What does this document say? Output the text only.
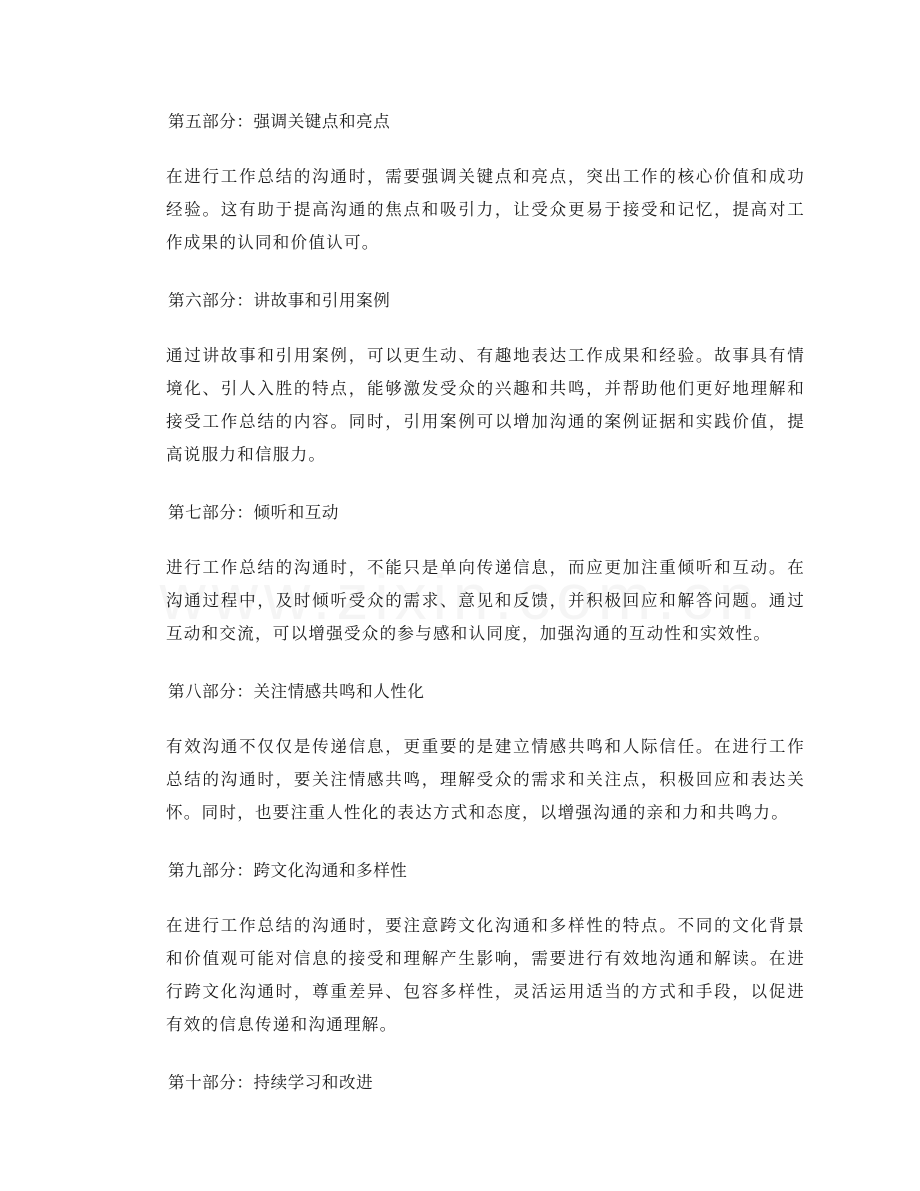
第五部分：强调关键点和亮点

在进行工作总结的沟通时，需要强调关键点和亮点，突出工作的核心价值和成功经验。这有助于提高沟通的焦点和吸引力，让受众更易于接受和记忆，提高对工作成果的认同和价值认可。

第六部分：讲故事和引用案例

通过讲故事和引用案例，可以更生动、有趣地表达工作成果和经验。故事具有情境化、引人入胜的特点，能够激发受众的兴趣和共鸣，并帮助他们更好地理解和接受工作总结的内容。同时，引用案例可以增加沟通的案例证据和实践价值，提高说服力和信服力。

第七部分：倾听和互动

进行工作总结的沟通时，不能只是单向传递信息，而应更加注重倾听和互动。在沟通过程中，及时倾听受众的需求、意见和反馈，并积极回应和解答问题。通过互动和交流，可以增强受众的参与感和认同度，加强沟通的互动性和实效性。

第八部分：关注情感共鸣和人性化

有效沟通不仅仅是传递信息，更重要的是建立情感共鸣和人际信任。在进行工作总结的沟通时，要关注情感共鸣，理解受众的需求和关注点，积极回应和表达关怀。同时，也要注重人性化的表达方式和态度，以增强沟通的亲和力和共鸣力。

第九部分：跨文化沟通和多样性

在进行工作总结的沟通时，要注意跨文化沟通和多样性的特点。不同的文化背景和价值观可能对信息的接受和理解产生影响，需要进行有效地沟通和解读。在进行跨文化沟通时，尊重差异、包容多样性，灵活运用适当的方式和手段，以促进有效的信息传递和沟通理解。

第十部分：持续学习和改进
